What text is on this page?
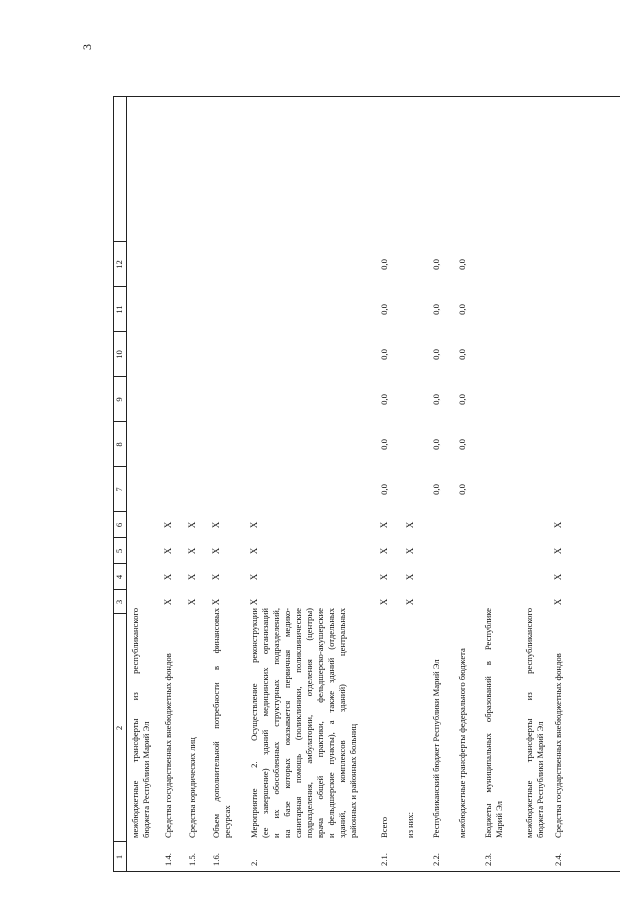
3
1
2
3
4
5
6
7
8
9
10
11
12
межбюджетные трансферты из республиканского бюджета Республики Марий Эл
1.4.
Средства государственных внебюджетных фондов
X
X
X
X
1.5.
Средства юридических лиц
X
X
X
X
1.6.
Объем дополнительной потребности в финансовых ресурсах
X
X
X
X
2.
Мероприятие 2. Осуществление реконструкции (ее завершение) зданий медицинских организаций и их обособленных структурных подразделений, на базе которых оказывается первичная медико- санитарная помощь (поликлиники, поликлинические подразделения, амбулатории, отделения (центры) врача общей практики, фельдшерско-акушерские и фельдшерские пункты), а также зданий (отдельных зданий, комплексов зданий) центральных районных и районных больниц
X
X
X
X
2.1.
Всего
X
X
X
X
0,0
0,0
0,0
0,0
0,0
0,0
из них:
X
X
X
X
2.2.
Республиканский бюджет Республики Марий Эл
0,0
0,0
0,0
0,0
0,0
0,0
межбюджетные трансферты федерального бюджета
0,0
0,0
0,0
0,0
0,0
0,0
2.3.
Бюджеты муниципальных образований в Республике Марий Эл межбюджетные трансферты из республиканского бюджета Республики Марий Эл
2.4.
Средства государственных внебюджетных фондов
X
X
X
X
